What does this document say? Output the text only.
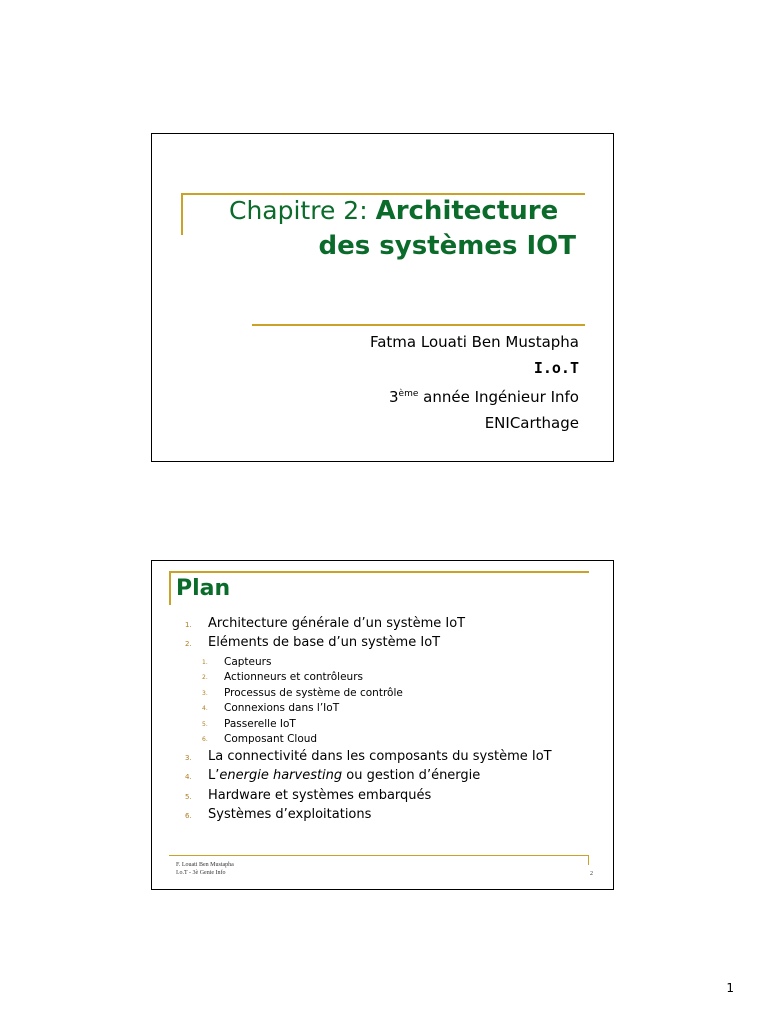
Chapitre 2: Architecture
des systèmes IOT
Fatma Louati Ben Mustapha
I.o.T
3ème année Ingénieur Info
ENICarthage
Plan
1. Architecture générale d’un système IoT
2. Eléments de base d’un système IoT
1. Capteurs
2. Actionneurs et contrôleurs
3. Processus de système de contrôle
4. Connexions dans l’IoT
5. Passerelle IoT
6. Composant Cloud
3. La connectivité dans les composants du système IoT
4. L’energie harvesting ou gestion d’énergie
5. Hardware et systèmes embarqués
6. Systèmes d’exploitations
F. Louati Ben Mustapha
I.o.T - 3è Genie Info	2
1
